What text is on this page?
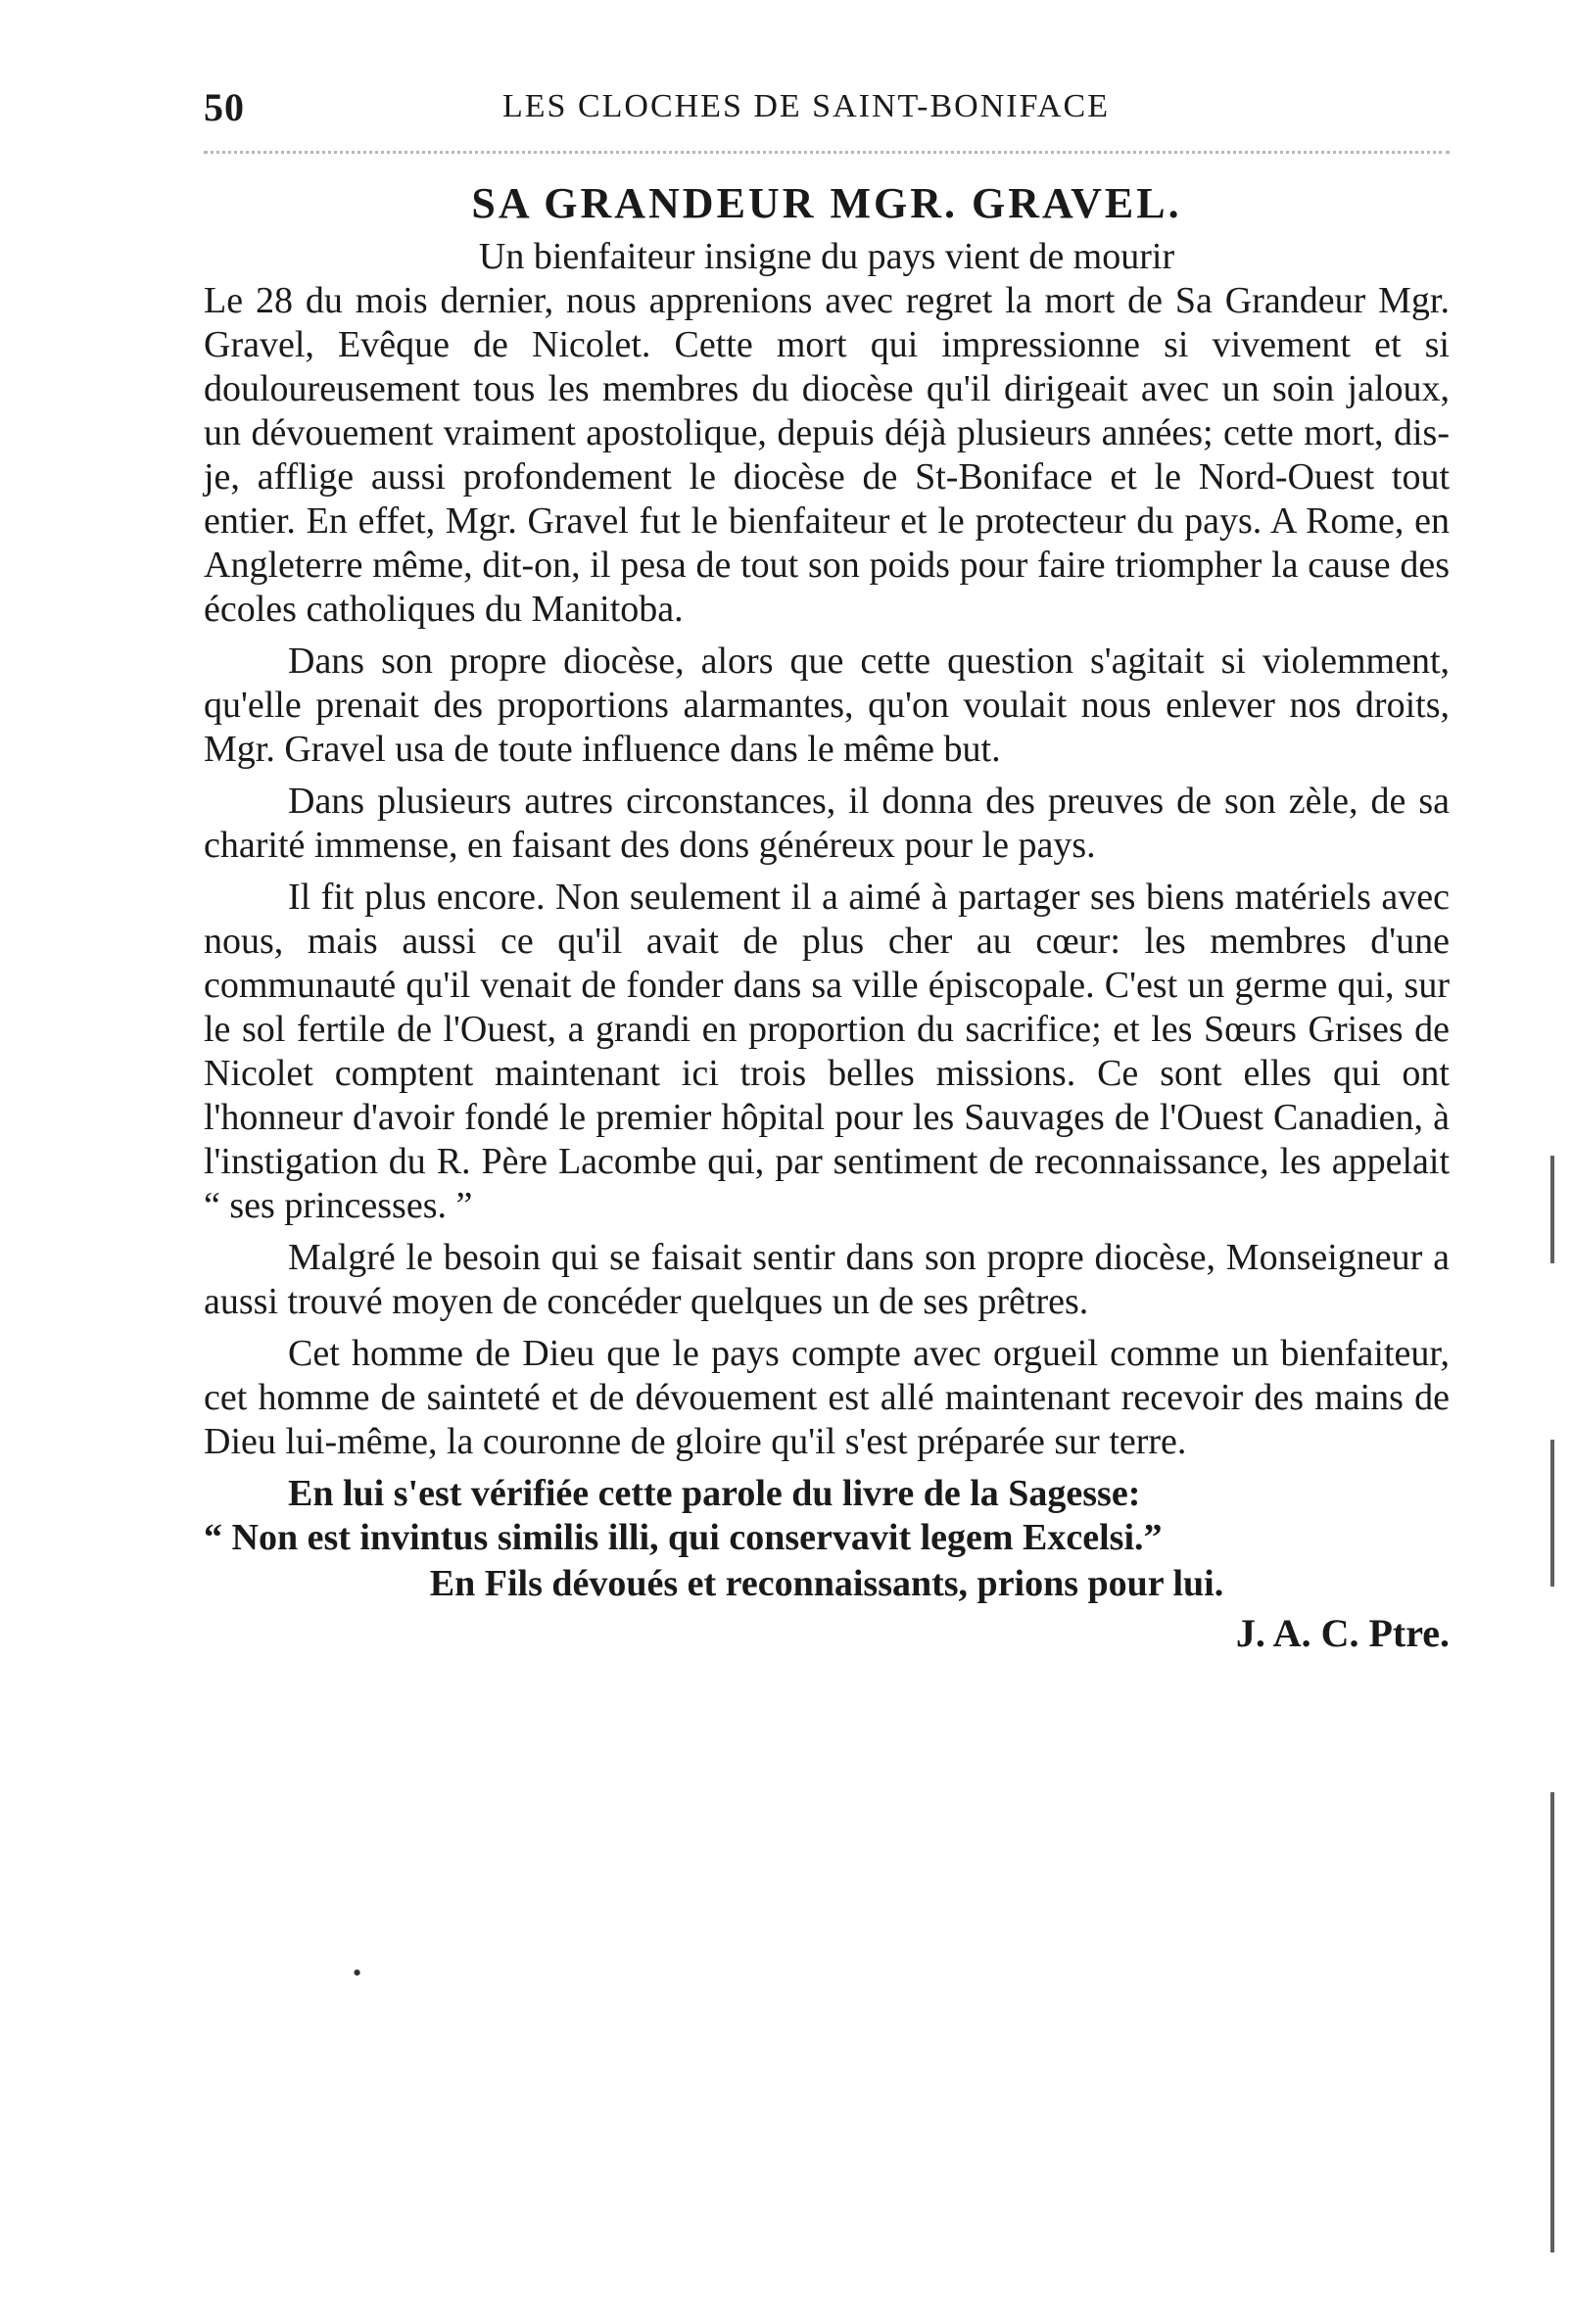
50	LES CLOCHES DE SAINT-BONIFACE
SA GRANDEUR MGR. GRAVEL.
Un bienfaiteur insigne du pays vient de mourir

Le 28 du mois dernier, nous apprenions avec regret la mort de Sa Grandeur Mgr. Gravel, Evêque de Nicolet. Cette mort qui impressionne si vivement et si douloureusement tous les membres du diocèse qu'il dirigeait avec un soin jaloux, un dévouement vraiment apostolique, depuis déjà plusieurs années; cette mort, dis-je, afflige aussi profondement le diocèse de St-Boniface et le Nord-Ouest tout entier. En effet, Mgr. Gravel fut le bienfaiteur et le protecteur du pays. A Rome, en Angleterre même, dit-on, il pesa de tout son poids pour faire triompher la cause des écoles catholiques du Manitoba.

Dans son propre diocèse, alors que cette question s'agitait si violemment, qu'elle prenait des proportions alarmantes, qu'on voulait nous enlever nos droits, Mgr. Gravel usa de toute influence dans le même but.

Dans plusieurs autres circonstances, il donna des preuves de son zèle, de sa charité immense, en faisant des dons généreux pour le pays.

Il fit plus encore. Non seulement il a aimé à partager ses biens matériels avec nous, mais aussi ce qu'il avait de plus cher au cœur: les membres d'une communauté qu'il venait de fonder dans sa ville épiscopale. C'est un germe qui, sur le sol fertile de l'Ouest, a grandi en proportion du sacrifice; et les Sœurs Grises de Nicolet comptent maintenant ici trois belles missions. Ce sont elles qui ont l'honneur d'avoir fondé le premier hôpital pour les Sauvages de l'Ouest Canadien, à l'instigation du R. Père Lacombe qui, par sentiment de reconnaissance, les appelait “ ses princesses. ”

Malgré le besoin qui se faisait sentir dans son propre diocèse, Monseigneur a aussi trouvé moyen de concéder quelques un de ses prêtres.

Cet homme de Dieu que le pays compte avec orgueil comme un bienfaiteur, cet homme de sainteté et de dévouement est allé maintenant recevoir des mains de Dieu lui-même, la couronne de gloire qu'il s'est préparée sur terre.

En lui s'est vérifiée cette parole du livre de la Sagesse:

“ Non est invintus similis illi, qui conservavit legem Excelsi.”
En Fils dévoués et reconnaissants, prions pour lui.
J. A. C. Ptre.
•
